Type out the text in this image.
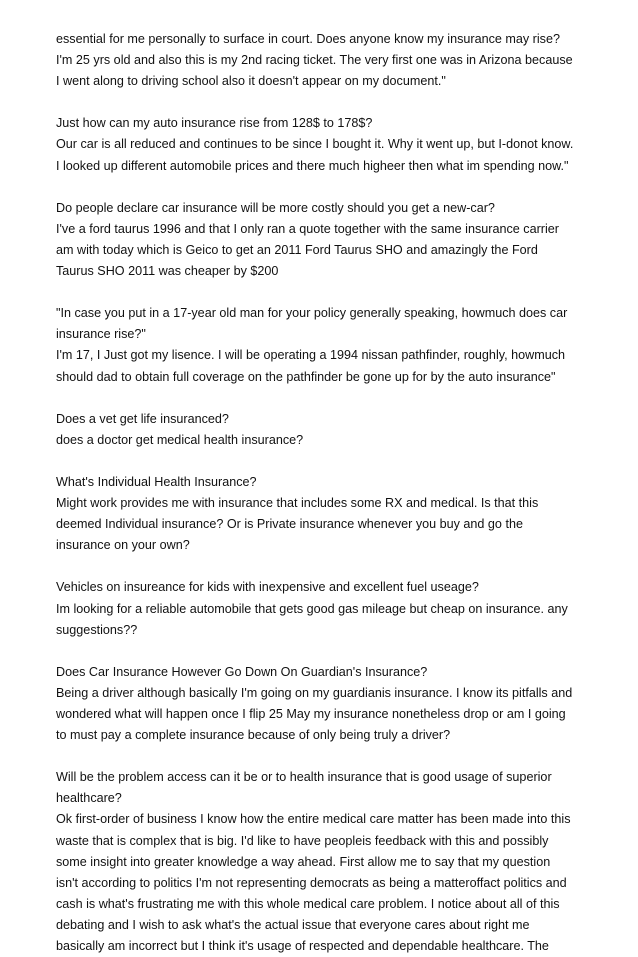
essential for me personally to surface in court. Does anyone know my insurance may rise?
I'm 25 yrs old and also this is my 2nd racing ticket. The very first one was in Arizona because
I went along to driving school also it doesn't appear on my document."
Just how can my auto insurance rise from 128$ to 178$?
Our car is all reduced and continues to be since I bought it. Why it went up, but I-donot know.
I looked up different automobile prices and there much higheer then what im spending now."
Do people declare car insurance will be more costly should you get a new-car?
I've a ford taurus 1996 and that I only ran a quote together with the same insurance carrier
am with today which is Geico to get an 2011 Ford Taurus SHO and amazingly the Ford
Taurus SHO 2011 was cheaper by $200
"In case you put in a 17-year old man for your policy generally speaking, howmuch does car
insurance rise?"
I'm 17, I Just got my lisence. I will be operating a 1994 nissan pathfinder, roughly, howmuch
should dad to obtain full coverage on the pathfinder be gone up for by the auto insurance"
Does a vet get life insuranced?
does a doctor get medical health insurance?
What's Individual Health Insurance?
Might work provides me with insurance that includes some RX and medical. Is that this
deemed Individual insurance? Or is Private insurance whenever you buy and go the
insurance on your own?
Vehicles on insureance for kids with inexpensive and excellent fuel useage?
Im looking for a reliable automobile that gets good gas mileage but cheap on insurance. any
suggestions??
Does Car Insurance However Go Down On Guardian's Insurance?
Being a driver although basically I'm going on my guardianis insurance. I know its pitfalls and
wondered what will happen once I flip 25 May my insurance nonetheless drop or am I going
to must pay a complete insurance because of only being truly a driver?
Will be the problem access can it be or to health insurance that is good usage of superior
healthcare?
Ok first-order of business I know how the entire medical care matter has been made into this
waste that is complex that is big. I'd like to have peopleis feedback with this and possibly
some insight into greater knowledge a way ahead. First allow me to say that my question
isn't according to politics I'm not representing democrats as being a matteroffact politics and
cash is what's frustrating me with this whole medical care problem. I notice about all of this
debating and I wish to ask what's the actual issue that everyone cares about right me
basically am incorrect but I think it's usage of respected and dependable healthcare. The
